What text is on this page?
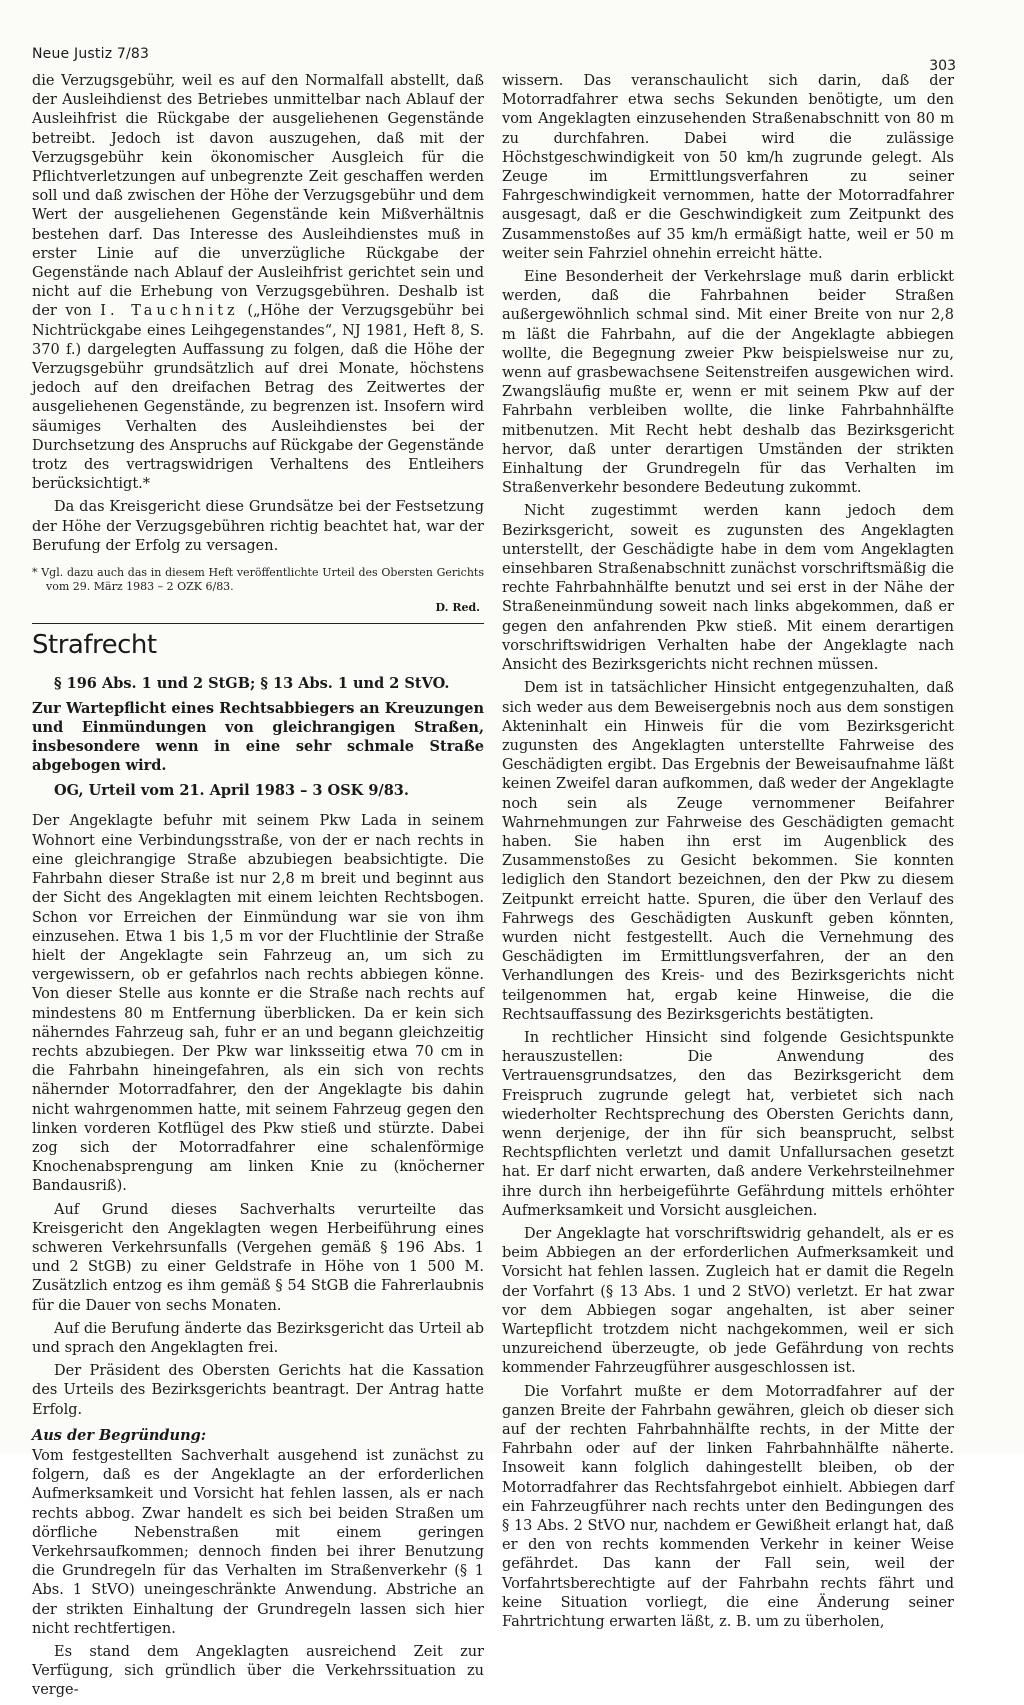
Neue Justiz 7/83
303

die Verzugsgebühr, weil es auf den Normalfall abstellt, daß der Ausleihdienst des Betriebes unmittelbar nach Ablauf der Ausleihfrist die Rückgabe der ausgeliehenen Gegenstände betreibt. Jedoch ist davon auszugehen, daß mit der Verzugsgebühr kein ökonomischer Ausgleich für die Pflichtverletzungen auf unbegrenzte Zeit geschaffen werden soll und daß zwischen der Höhe der Verzugsgebühr und dem Wert der ausgeliehenen Gegenstände kein Mißverhältnis bestehen darf. Das Interesse des Ausleihdienstes muß in erster Linie auf die unverzügliche Rückgabe der Gegenstände nach Ablauf der Ausleihfrist gerichtet sein und nicht auf die Erhebung von Verzugsgebühren. Deshalb ist der von I. Tauchnitz („Höhe der Verzugsgebühr bei Nichtrückgabe eines Leihgegenstandes“, NJ 1981, Heft 8, S. 370 f.) dargelegten Auffassung zu folgen, daß die Höhe der Verzugsgebühr grundsätzlich auf drei Monate, höchstens jedoch auf den dreifachen Betrag des Zeitwertes der ausgeliehenen Gegenstände, zu begrenzen ist. Insofern wird säumiges Verhalten des Ausleihdienstes bei der Durchsetzung des Anspruchs auf Rückgabe der Gegenstände trotz des vertragswidrigen Verhaltens des Entleihers berücksichtigt.*

Da das Kreisgericht diese Grundsätze bei der Festsetzung der Höhe der Verzugsgebühren richtig beachtet hat, war der Berufung der Erfolg zu versagen.

* Vgl. dazu auch das in diesem Heft veröffentlichte Urteil des Obersten Gerichts vom 29. März 1983 – 2 OZK 6/83.
D. Red.
Strafrecht

§ 196 Abs. 1 und 2 StGB; § 13 Abs. 1 und 2 StVO.

Zur Wartepflicht eines Rechtsabbiegers an Kreuzungen und Einmündungen von gleichrangigen Straßen, insbesondere wenn in eine sehr schmale Straße abgebogen wird.

OG, Urteil vom 21. April 1983 – 3 OSK 9/83.

Der Angeklagte befuhr mit seinem Pkw Lada in seinem Wohnort eine Verbindungsstraße, von der er nach rechts in eine gleichrangige Straße abzubiegen beabsichtigte. Die Fahrbahn dieser Straße ist nur 2,8 m breit und beginnt aus der Sicht des Angeklagten mit einem leichten Rechtsbogen. Schon vor Erreichen der Einmündung war sie von ihm einzusehen. Etwa 1 bis 1,5 m vor der Fluchtlinie der Straße hielt der Angeklagte sein Fahrzeug an, um sich zu vergewissern, ob er gefahrlos nach rechts abbiegen könne. Von dieser Stelle aus konnte er die Straße nach rechts auf mindestens 80 m Entfernung überblicken. Da er kein sich näherndes Fahrzeug sah, fuhr er an und begann gleichzeitig rechts abzubiegen. Der Pkw war linksseitig etwa 70 cm in die Fahrbahn hineingefahren, als ein sich von rechts nähernder Motorradfahrer, den der Angeklagte bis dahin nicht wahrgenommen hatte, mit seinem Fahrzeug gegen den linken vorderen Kotflügel des Pkw stieß und stürzte. Dabei zog sich der Motorradfahrer eine schalenförmige Knochenabsprengung am linken Knie zu (knöcherner Bandausriß).

Auf Grund dieses Sachverhalts verurteilte das Kreisgericht den Angeklagten wegen Herbeiführung eines schweren Verkehrsunfalls (Vergehen gemäß § 196 Abs. 1 und 2 StGB) zu einer Geldstrafe in Höhe von 1 500 M. Zusätzlich entzog es ihm gemäß § 54 StGB die Fahrerlaubnis für die Dauer von sechs Monaten.

Auf die Berufung änderte das Bezirksgericht das Urteil ab und sprach den Angeklagten frei.

Der Präsident des Obersten Gerichts hat die Kassation des Urteils des Bezirksgerichts beantragt. Der Antrag hatte Erfolg.

Aus der Begründung:

Vom festgestellten Sachverhalt ausgehend ist zunächst zu folgern, daß es der Angeklagte an der erforderlichen Aufmerksamkeit und Vorsicht hat fehlen lassen, als er nach rechts abbog. Zwar handelt es sich bei beiden Straßen um dörfliche Nebenstraßen mit einem geringen Verkehrsaufkommen; dennoch finden bei ihrer Benutzung die Grundregeln für das Verhalten im Straßenverkehr (§ 1 Abs. 1 StVO) uneingeschränkte Anwendung. Abstriche an der strikten Einhaltung der Grundregeln lassen sich hier nicht rechtfertigen.

Es stand dem Angeklagten ausreichend Zeit zur Verfügung, sich gründlich über die Verkehrssituation zu verge-

wissern. Das veranschaulicht sich darin, daß der Motorradfahrer etwa sechs Sekunden benötigte, um den vom Angeklagten einzusehenden Straßenabschnitt von 80 m zu durchfahren. Dabei wird die zulässige Höchstgeschwindigkeit von 50 km/h zugrunde gelegt. Als Zeuge im Ermittlungsverfahren zu seiner Fahrgeschwindigkeit vernommen, hatte der Motorradfahrer ausgesagt, daß er die Geschwindigkeit zum Zeitpunkt des Zusammenstoßes auf 35 km/h ermäßigt hatte, weil er 50 m weiter sein Fahrziel ohnehin erreicht hätte.

Eine Besonderheit der Verkehrslage muß darin erblickt werden, daß die Fahrbahnen beider Straßen außergewöhnlich schmal sind. Mit einer Breite von nur 2,8 m läßt die Fahrbahn, auf die der Angeklagte abbiegen wollte, die Begegnung zweier Pkw beispielsweise nur zu, wenn auf grasbewachsene Seitenstreifen ausgewichen wird. Zwangsläufig mußte er, wenn er mit seinem Pkw auf der Fahrbahn verbleiben wollte, die linke Fahrbahnhälfte mitbenutzen. Mit Recht hebt deshalb das Bezirksgericht hervor, daß unter derartigen Umständen der strikten Einhaltung der Grundregeln für das Verhalten im Straßenverkehr besondere Bedeutung zukommt.

Nicht zugestimmt werden kann jedoch dem Bezirksgericht, soweit es zugunsten des Angeklagten unterstellt, der Geschädigte habe in dem vom Angeklagten einsehbaren Straßenabschnitt zunächst vorschriftsmäßig die rechte Fahrbahnhälfte benutzt und sei erst in der Nähe der Straßeneinmündung soweit nach links abgekommen, daß er gegen den anfahrenden Pkw stieß. Mit einem derartigen vorschriftswidrigen Verhalten habe der Angeklagte nach Ansicht des Bezirksgerichts nicht rechnen müssen.

Dem ist in tatsächlicher Hinsicht entgegenzuhalten, daß sich weder aus dem Beweisergebnis noch aus dem sonstigen Akteninhalt ein Hinweis für die vom Bezirksgericht zugunsten des Angeklagten unterstellte Fahrweise des Geschädigten ergibt. Das Ergebnis der Beweisaufnahme läßt keinen Zweifel daran aufkommen, daß weder der Angeklagte noch sein als Zeuge vernommener Beifahrer Wahrnehmungen zur Fahrweise des Geschädigten gemacht haben. Sie haben ihn erst im Augenblick des Zusammenstoßes zu Gesicht bekommen. Sie konnten lediglich den Standort bezeichnen, den der Pkw zu diesem Zeitpunkt erreicht hatte. Spuren, die über den Verlauf des Fahrwegs des Geschädigten Auskunft geben könnten, wurden nicht festgestellt. Auch die Vernehmung des Geschädigten im Ermittlungsverfahren, der an den Verhandlungen des Kreis- und des Bezirksgerichts nicht teilgenommen hat, ergab keine Hinweise, die die Rechtsauffassung des Bezirksgerichts bestätigten.

In rechtlicher Hinsicht sind folgende Gesichtspunkte herauszustellen: Die Anwendung des Vertrauensgrundsatzes, den das Bezirksgericht dem Freispruch zugrunde gelegt hat, verbietet sich nach wiederholter Rechtsprechung des Obersten Gerichts dann, wenn derjenige, der ihn für sich beansprucht, selbst Rechtspflichten verletzt und damit Unfallursachen gesetzt hat. Er darf nicht erwarten, daß andere Verkehrsteilnehmer ihre durch ihn herbeigeführte Gefährdung mittels erhöhter Aufmerksamkeit und Vorsicht ausgleichen.

Der Angeklagte hat vorschriftswidrig gehandelt, als er es beim Abbiegen an der erforderlichen Aufmerksamkeit und Vorsicht hat fehlen lassen. Zugleich hat er damit die Regeln der Vorfahrt (§ 13 Abs. 1 und 2 StVO) verletzt. Er hat zwar vor dem Abbiegen sogar angehalten, ist aber seiner Wartepflicht trotzdem nicht nachgekommen, weil er sich unzureichend überzeugte, ob jede Gefährdung von rechts kommender Fahrzeugführer ausgeschlossen ist.

Die Vorfahrt mußte er dem Motorradfahrer auf der ganzen Breite der Fahrbahn gewähren, gleich ob dieser sich auf der rechten Fahrbahnhälfte rechts, in der Mitte der Fahrbahn oder auf der linken Fahrbahnhälfte näherte. Insoweit kann folglich dahingestellt bleiben, ob der Motorradfahrer das Rechtsfahrgebot einhielt. Abbiegen darf ein Fahrzeugführer nach rechts unter den Bedingungen des § 13 Abs. 2 StVO nur, nachdem er Gewißheit erlangt hat, daß er den von rechts kommenden Verkehr in keiner Weise gefährdet. Das kann der Fall sein, weil der Vorfahrtsberechtigte auf der Fahrbahn rechts fährt und keine Situation vorliegt, die eine Änderung seiner Fahrtrichtung erwarten läßt, z. B. um zu überholen,
